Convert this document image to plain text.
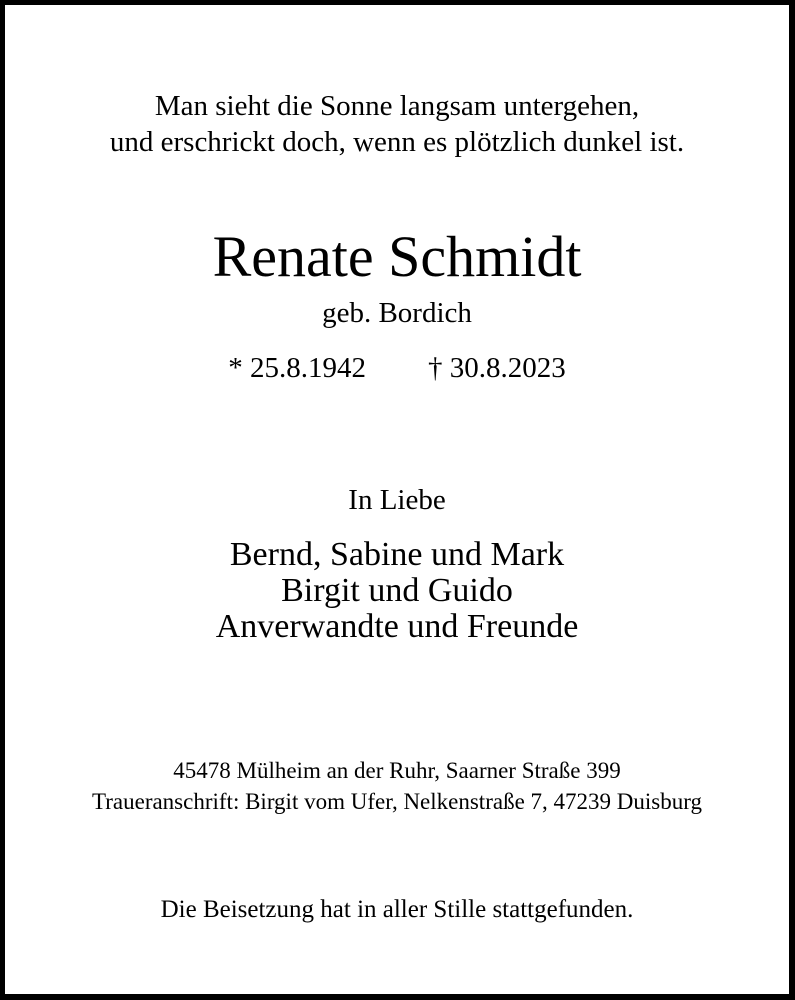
Man sieht die Sonne langsam untergehen,
und erschrickt doch, wenn es plötzlich dunkel ist.
Renate Schmidt
geb. Bordich
* 25.8.1942 † 30.8.2023
In Liebe
Bernd, Sabine und Mark
Birgit und Guido
Anverwandte und Freunde
45478 Mülheim an der Ruhr, Saarner Straße 399
Traueranschrift: Birgit vom Ufer, Nelkenstraße 7, 47239 Duisburg
Die Beisetzung hat in aller Stille stattgefunden.
